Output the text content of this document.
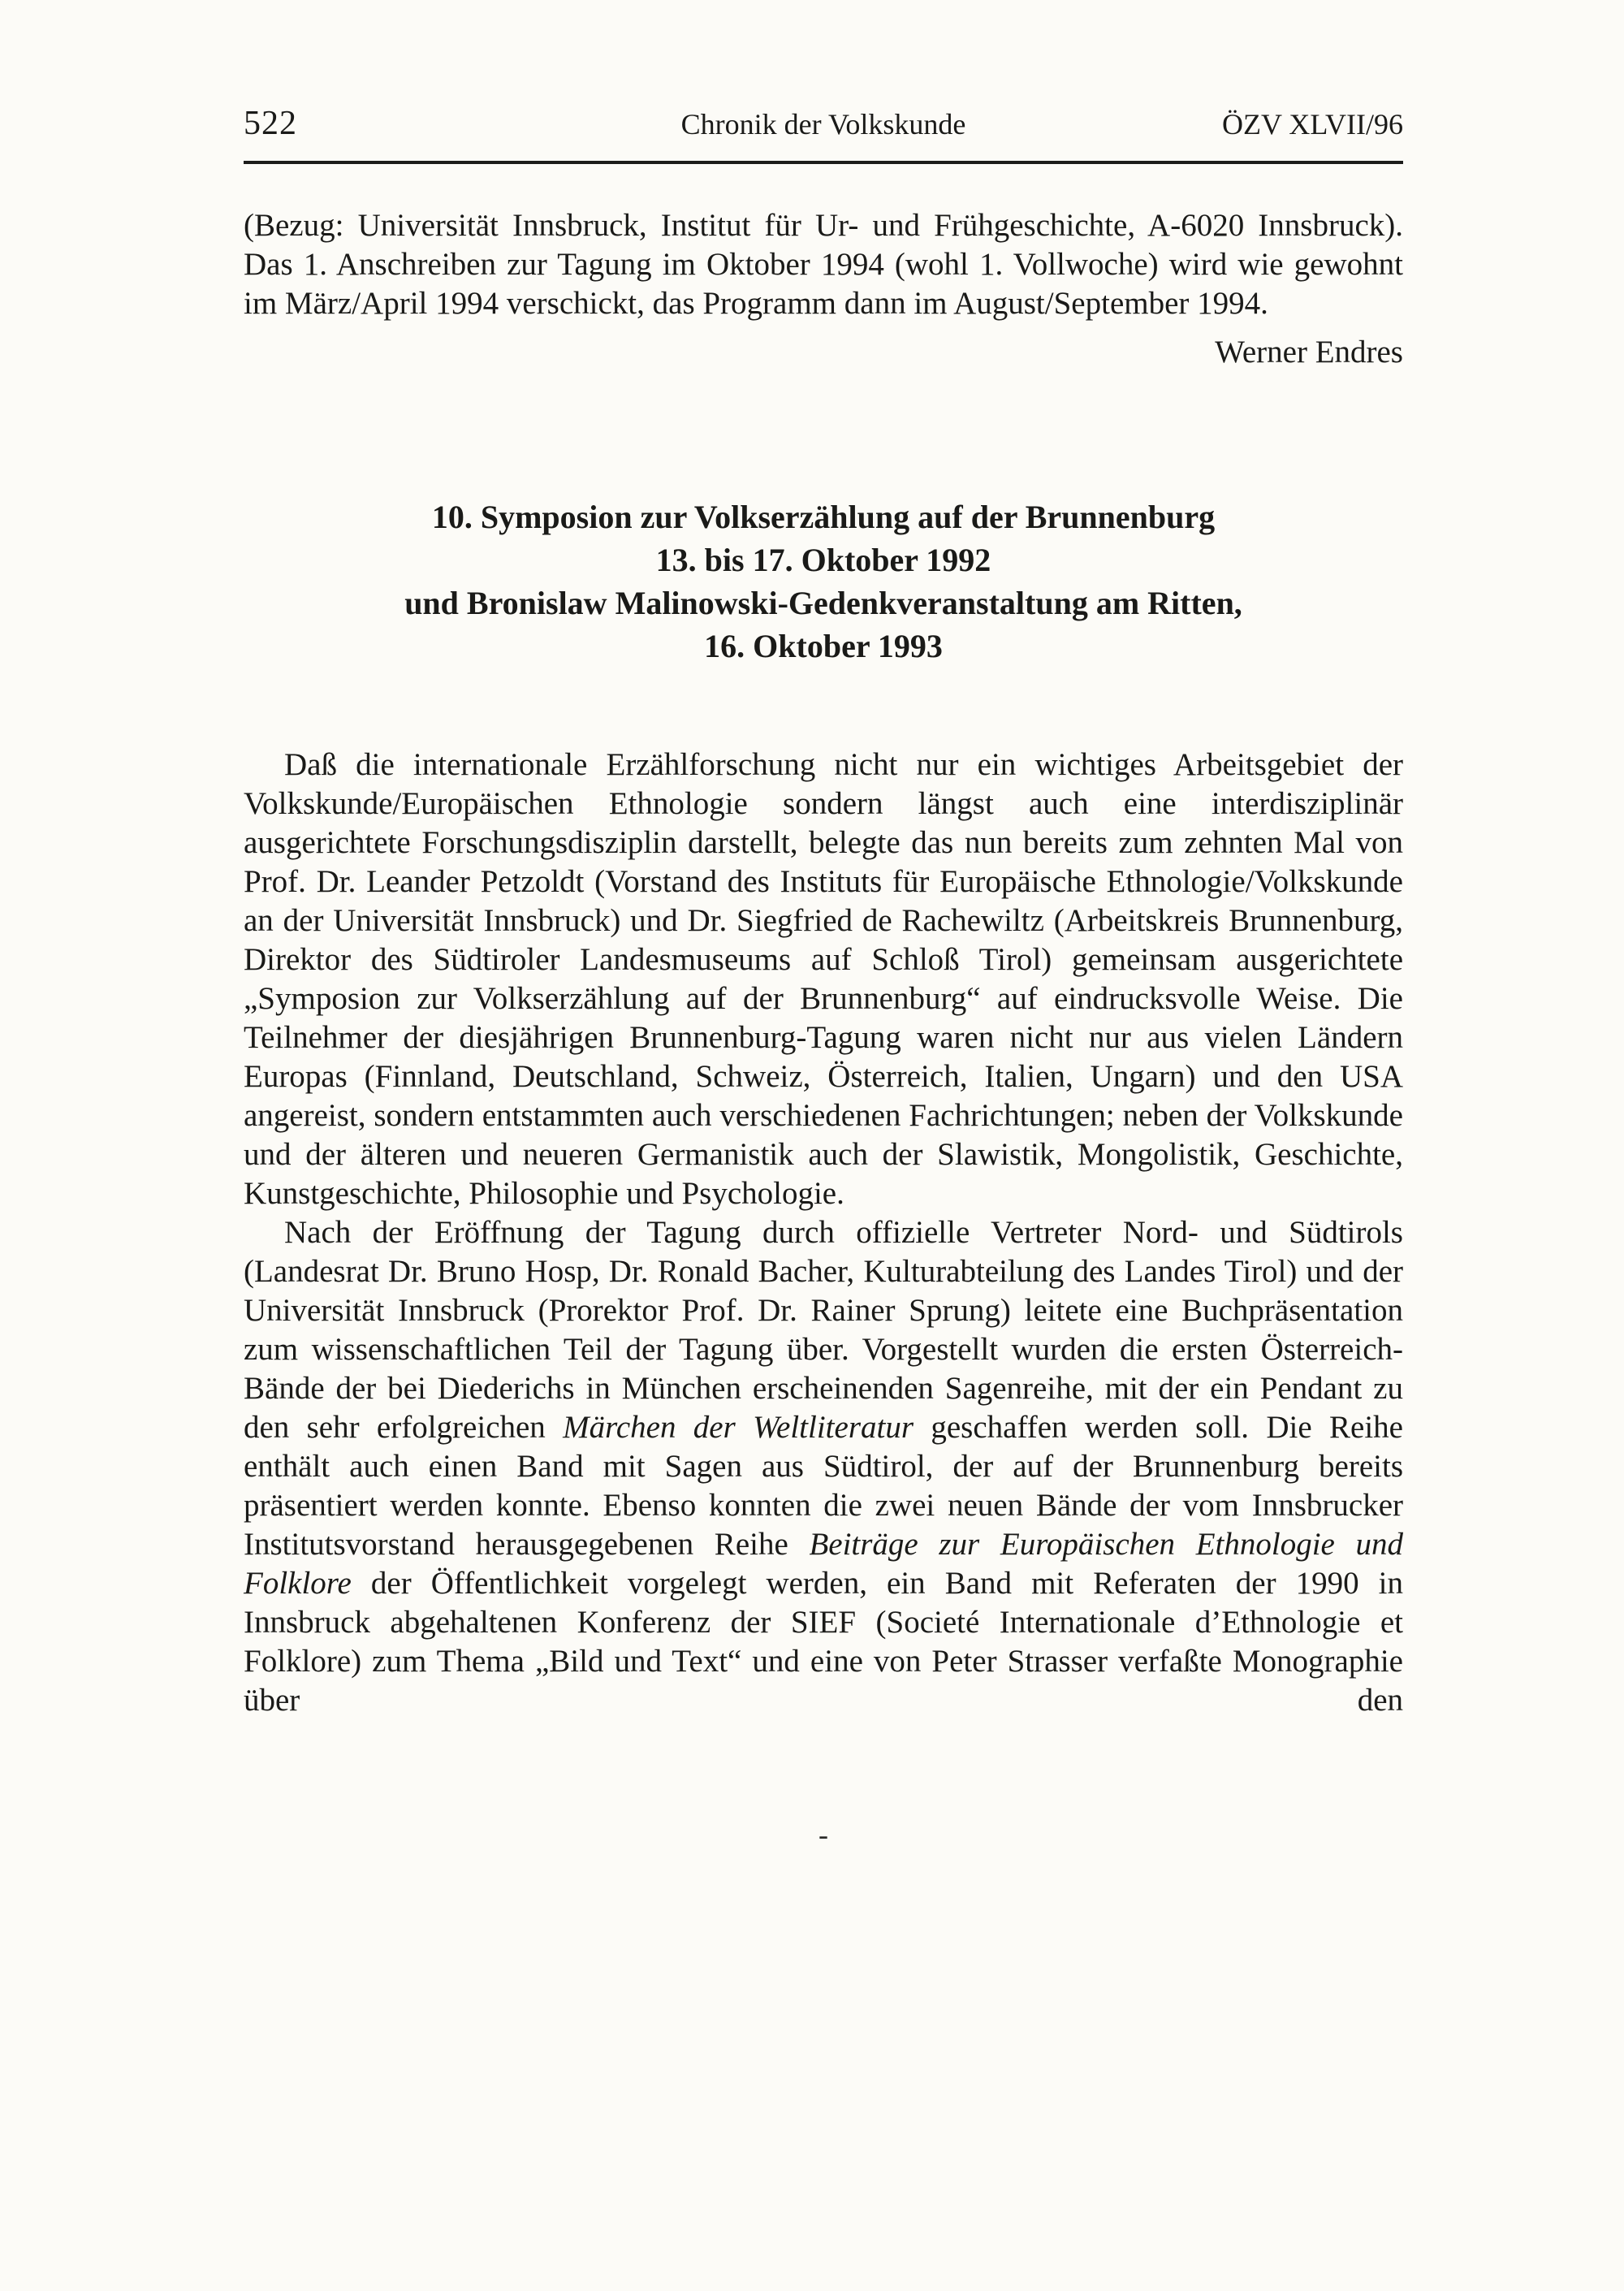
522	Chronik der Volkskunde	ÖZV XLVII/96

(Bezug: Universität Innsbruck, Institut für Ur- und Frühgeschichte, A-6020 Innsbruck). Das 1. Anschreiben zur Tagung im Oktober 1994 (wohl 1. Vollwoche) wird wie gewohnt im März/April 1994 verschickt, das Programm dann im August/September 1994.

Werner Endres
10. Symposion zur Volkserzählung auf der Brunnenburg
13. bis 17. Oktober 1992
und Bronislaw Malinowski-Gedenkveranstaltung am Ritten,
16. Oktober 1993

Daß die internationale Erzählforschung nicht nur ein wichtiges Arbeitsgebiet der Volkskunde/Europäischen Ethnologie sondern längst auch eine interdisziplinär ausgerichtete Forschungsdisziplin darstellt, belegte das nun bereits zum zehnten Mal von Prof. Dr. Leander Petzoldt (Vorstand des Instituts für Europäische Ethnologie/Volkskunde an der Universität Innsbruck) und Dr. Siegfried de Rachewiltz (Arbeitskreis Brunnenburg, Direktor des Südtiroler Landesmuseums auf Schloß Tirol) gemeinsam ausgerichtete „Symposion zur Volkserzählung auf der Brunnenburg“ auf eindrucksvolle Weise. Die Teilnehmer der diesjährigen Brunnenburg-Tagung waren nicht nur aus vielen Ländern Europas (Finnland, Deutschland, Schweiz, Österreich, Italien, Ungarn) und den USA angereist, sondern entstammten auch verschiedenen Fachrichtungen; neben der Volkskunde und der älteren und neueren Germanistik auch der Slawistik, Mongolistik, Geschichte, Kunstgeschichte, Philosophie und Psychologie.

Nach der Eröffnung der Tagung durch offizielle Vertreter Nord- und Südtirols (Landesrat Dr. Bruno Hosp, Dr. Ronald Bacher, Kulturabteilung des Landes Tirol) und der Universität Innsbruck (Prorektor Prof. Dr. Rainer Sprung) leitete eine Buchpräsentation zum wissenschaftlichen Teil der Tagung über. Vorgestellt wurden die ersten Österreich-Bände der bei Diederichs in München erscheinenden Sagenreihe, mit der ein Pendant zu den sehr erfolgreichen Märchen der Weltliteratur geschaffen werden soll. Die Reihe enthält auch einen Band mit Sagen aus Südtirol, der auf der Brunnenburg bereits präsentiert werden konnte. Ebenso konnten die zwei neuen Bände der vom Innsbrucker Institutsvorstand herausgegebenen Reihe Beiträge zur Europäischen Ethnologie und Folklore der Öffentlichkeit vorgelegt werden, ein Band mit Referaten der 1990 in Innsbruck abgehaltenen Konferenz der SIEF (Societé Internationale d’Ethnologie et Folklore) zum Thema „Bild und Text“ und eine von Peter Strasser verfaßte Monographie über den

-
